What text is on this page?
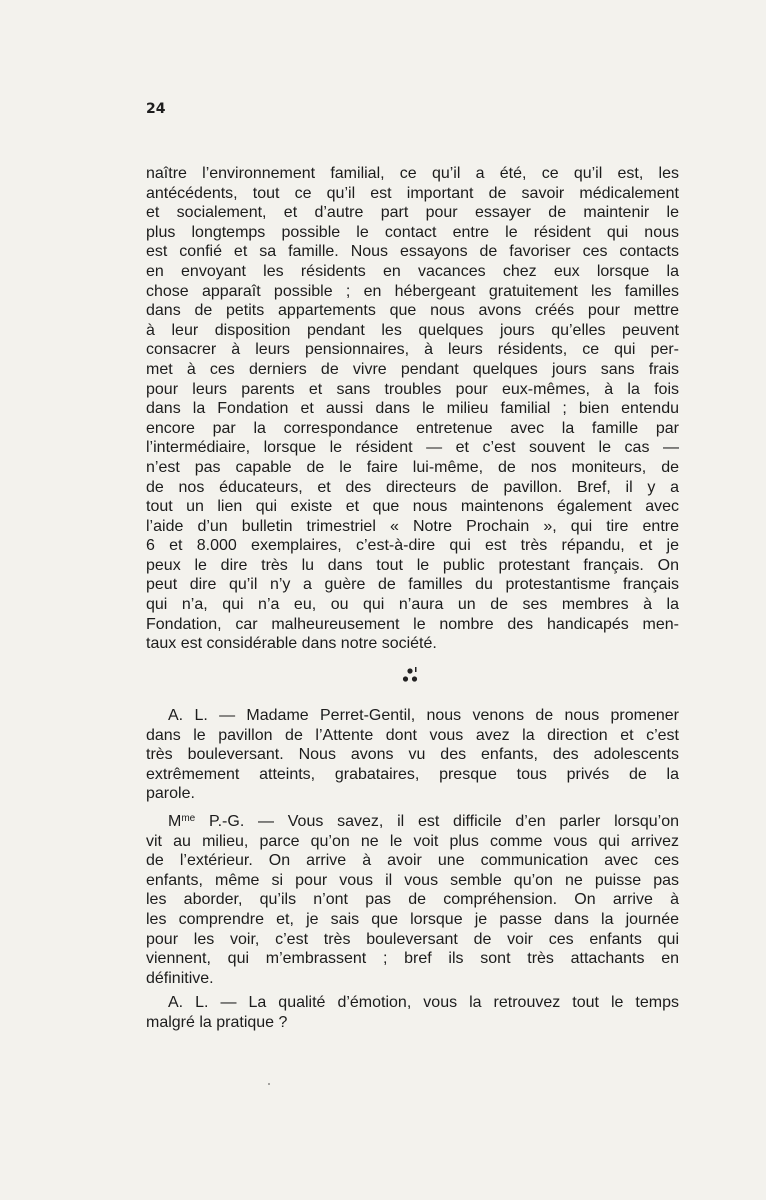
24
naître l’environnement familial, ce qu’il a été, ce qu’il est, les
antécédents, tout ce qu’il est important de savoir médicalement
et socialement, et d’autre part pour essayer de maintenir le
plus longtemps possible le contact entre le résident qui nous
est confié et sa famille. Nous essayons de favoriser ces contacts
en envoyant les résidents en vacances chez eux lorsque la
chose apparaît possible ; en hébergeant gratuitement les familles
dans de petits appartements que nous avons créés pour mettre
à leur disposition pendant les quelques jours qu’elles peuvent
consacrer à leurs pensionnaires, à leurs résidents, ce qui per-
met à ces derniers de vivre pendant quelques jours sans frais
pour leurs parents et sans troubles pour eux-mêmes, à la fois
dans la Fondation et aussi dans le milieu familial ; bien entendu
encore par la correspondance entretenue avec la famille par
l’intermédiaire, lorsque le résident — et c’est souvent le cas —
n’est pas capable de le faire lui-même, de nos moniteurs, de
de nos éducateurs, et des directeurs de pavillon. Bref, il y a
tout un lien qui existe et que nous maintenons également avec
l’aide d’un bulletin trimestriel « Notre Prochain », qui tire entre
6 et 8.000 exemplaires, c’est-à-dire qui est très répandu, et je
peux le dire très lu dans tout le public protestant français. On
peut dire qu’il n’y a guère de familles du protestantisme français
qui n’a, qui n’a eu, ou qui n’aura un de ses membres à la
Fondation, car malheureusement le nombre des handicapés men-
taux est considérable dans notre société.
A. L. — Madame Perret-Gentil, nous venons de nous promener
dans le pavillon de l’Attente dont vous avez la direction et c’est
très bouleversant. Nous avons vu des enfants, des adolescents
extrêmement atteints, grabataires, presque tous privés de la
parole.
$M^{me}$ P.-G. — Vous savez, il est difficile d’en parler lorsqu’on
vit au milieu, parce qu’on ne le voit plus comme vous qui arrivez
de l’extérieur. On arrive à avoir une communication avec ces
enfants, même si pour vous il vous semble qu’on ne puisse pas
les aborder, qu’ils n’ont pas de compréhension. On arrive à
les comprendre et, je sais que lorsque je passe dans la journée
pour les voir, c’est très bouleversant de voir ces enfants qui
viennent, qui m’embrassent ; bref ils sont très attachants en
définitive.
A. L. — La qualité d’émotion, vous la retrouvez tout le temps
malgré la pratique ?
